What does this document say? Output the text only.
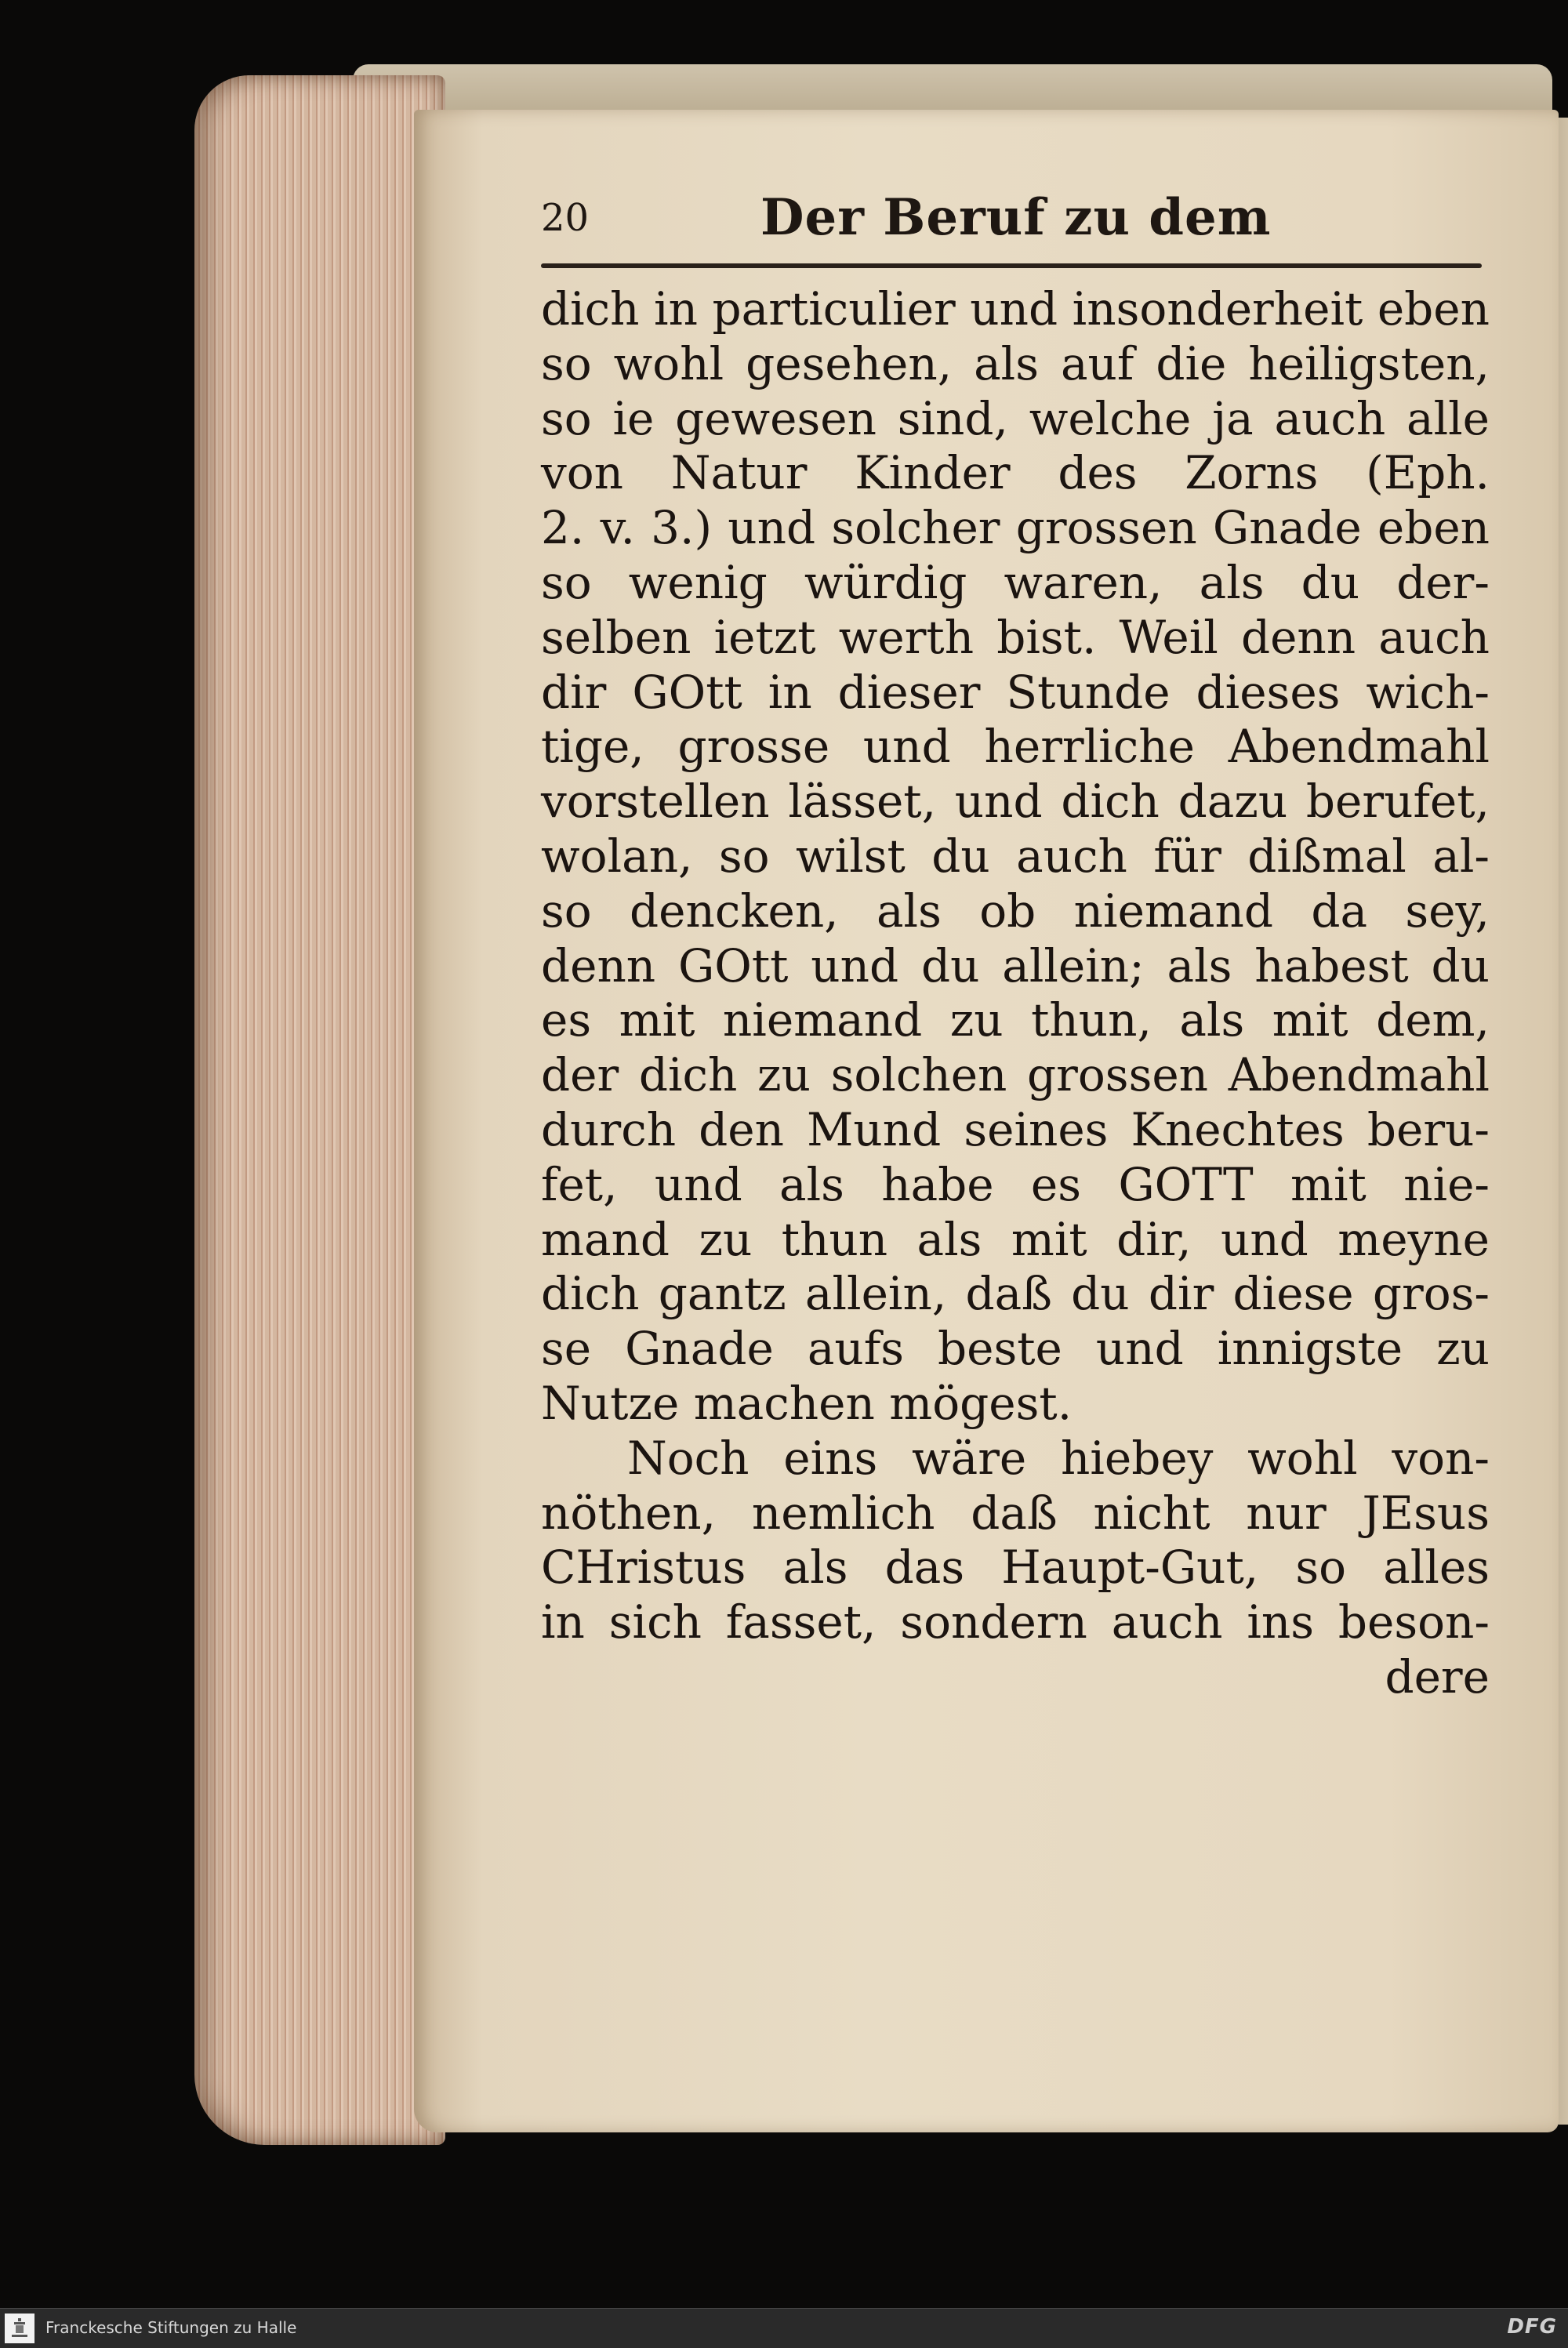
20	Der Beruf zu dem
dich in particulier und insonderheit eben
so wohl gesehen, als auf die heiligsten,
so ie gewesen sind, welche ja auch alle
von Natur Kinder des Zorns (Eph.
2. v. 3.) und solcher grossen Gnade eben
so wenig würdig waren, als du der-
selben ietzt werth bist. Weil denn auch
dir GOtt in dieser Stunde dieses wich-
tige, grosse und herrliche Abendmahl
vorstellen lässet, und dich dazu berufet,
wolan, so wilst du auch für dißmal al-
so dencken, als ob niemand da sey,
denn GOtt und du allein; als habest du
es mit niemand zu thun, als mit dem,
der dich zu solchen grossen Abendmahl
durch den Mund seines Knechtes beru-
fet, und als habe es GOTT mit nie-
mand zu thun als mit dir, und meyne
dich gantz allein, daß du dir diese gros-
se Gnade aufs beste und innigste zu
Nutze machen mögest.
Noch eins wäre hiebey wohl von-
nöthen, nemlich daß nicht nur JEsus
CHristus als das Haupt-Gut, so alles
in sich fasset, sondern auch ins beson-
dere
Franckesche Stiftungen zu Halle	DFG
